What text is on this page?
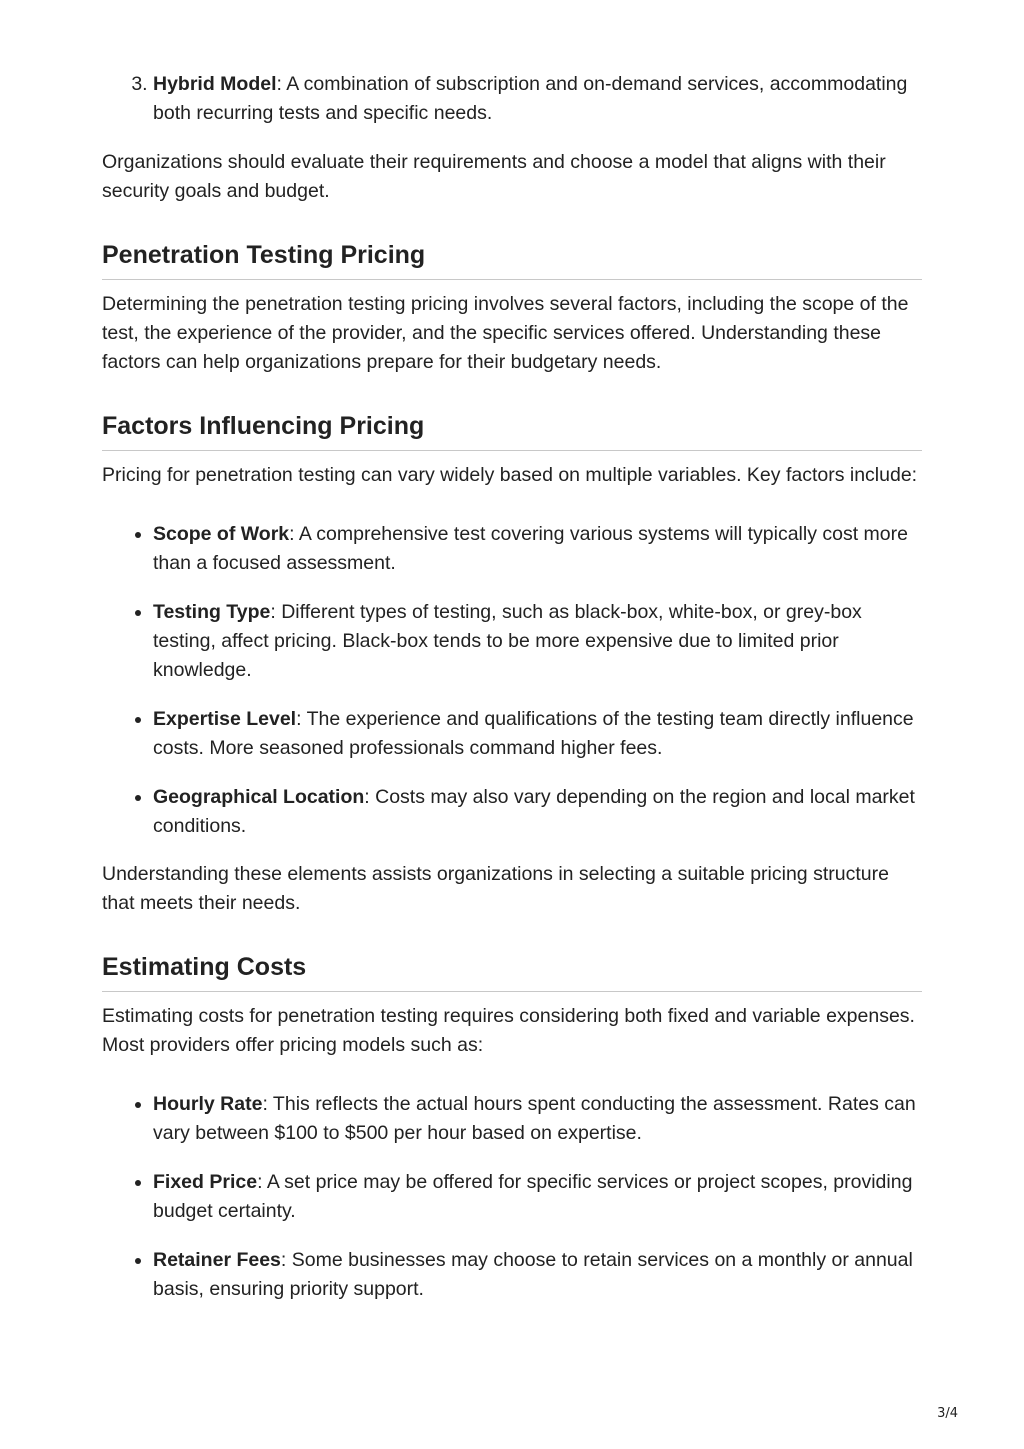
3. Hybrid Model: A combination of subscription and on-demand services, accommodating both recurring tests and specific needs.

Organizations should evaluate their requirements and choose a model that aligns with their security goals and budget.

Penetration Testing Pricing

Determining the penetration testing pricing involves several factors, including the scope of the test, the experience of the provider, and the specific services offered. Understanding these factors can help organizations prepare for their budgetary needs.

Factors Influencing Pricing

Pricing for penetration testing can vary widely based on multiple variables. Key factors include:

• Scope of Work: A comprehensive test covering various systems will typically cost more than a focused assessment.
• Testing Type: Different types of testing, such as black-box, white-box, or grey-box testing, affect pricing. Black-box tends to be more expensive due to limited prior knowledge.
• Expertise Level: The experience and qualifications of the testing team directly influence costs. More seasoned professionals command higher fees.
• Geographical Location: Costs may also vary depending on the region and local market conditions.

Understanding these elements assists organizations in selecting a suitable pricing structure that meets their needs.

Estimating Costs

Estimating costs for penetration testing requires considering both fixed and variable expenses. Most providers offer pricing models such as:

• Hourly Rate: This reflects the actual hours spent conducting the assessment. Rates can vary between $100 to $500 per hour based on expertise.
• Fixed Price: A set price may be offered for specific services or project scopes, providing budget certainty.
• Retainer Fees: Some businesses may choose to retain services on a monthly or annual basis, ensuring priority support.
3/4
